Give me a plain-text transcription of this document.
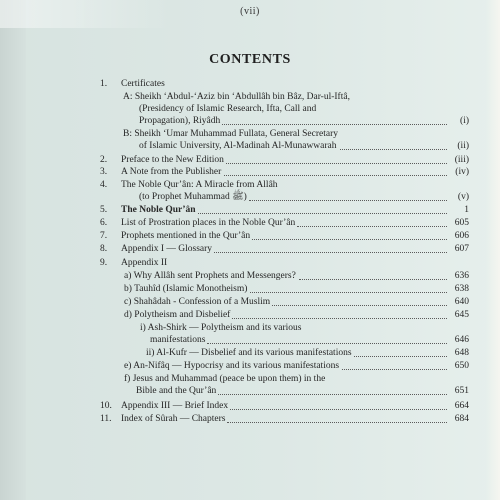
(vii)
CONTENTS
1. Certificates
A: Sheikh ‘Abdul-‘Aziz bin ‘Abdullâh bin Bâz, Dar-ul-Iftâ,
(Presidency of Islamic Research, Ifta, Call and
Propagation), Riyâdh	(i)
B: Sheikh ‘Umar Muhammad Fullata, General Secretary
of Islamic University, Al-Madinah Al-Munawwarah	(ii)
2. Preface to the New Edition	(iii)
3. A Note from the Publisher	(iv)
4. The Noble Qur’ân: A Miracle from Allâh
(to Prophet Muhammad ﷺ)	(v)
5. The Noble Qur’ân	1
6. List of Prostration places in the Noble Qur’ân	605
7. Prophets mentioned in the Qur’ân	606
8. Appendix I — Glossary	607
9. Appendix II
a) Why Allâh sent Prophets and Messengers?	636
b) Tauhîd (Islamic Monotheism)	638
c) Shahâdah - Confession of a Muslim	640
d) Polytheism and Disbelief	645
i) Ash-Shirk — Polytheism and its various
manifestations	646
ii) Al-Kufr — Disbelief and its various manifestations	648
e) An-Nifâq — Hypocrisy and its various manifestations	650
f) Jesus and Muhammad (peace be upon them) in the
Bible and the Qur’ân	651
10. Appendix III — Brief Index	664
11. Index of Sûrah — Chapters	684
